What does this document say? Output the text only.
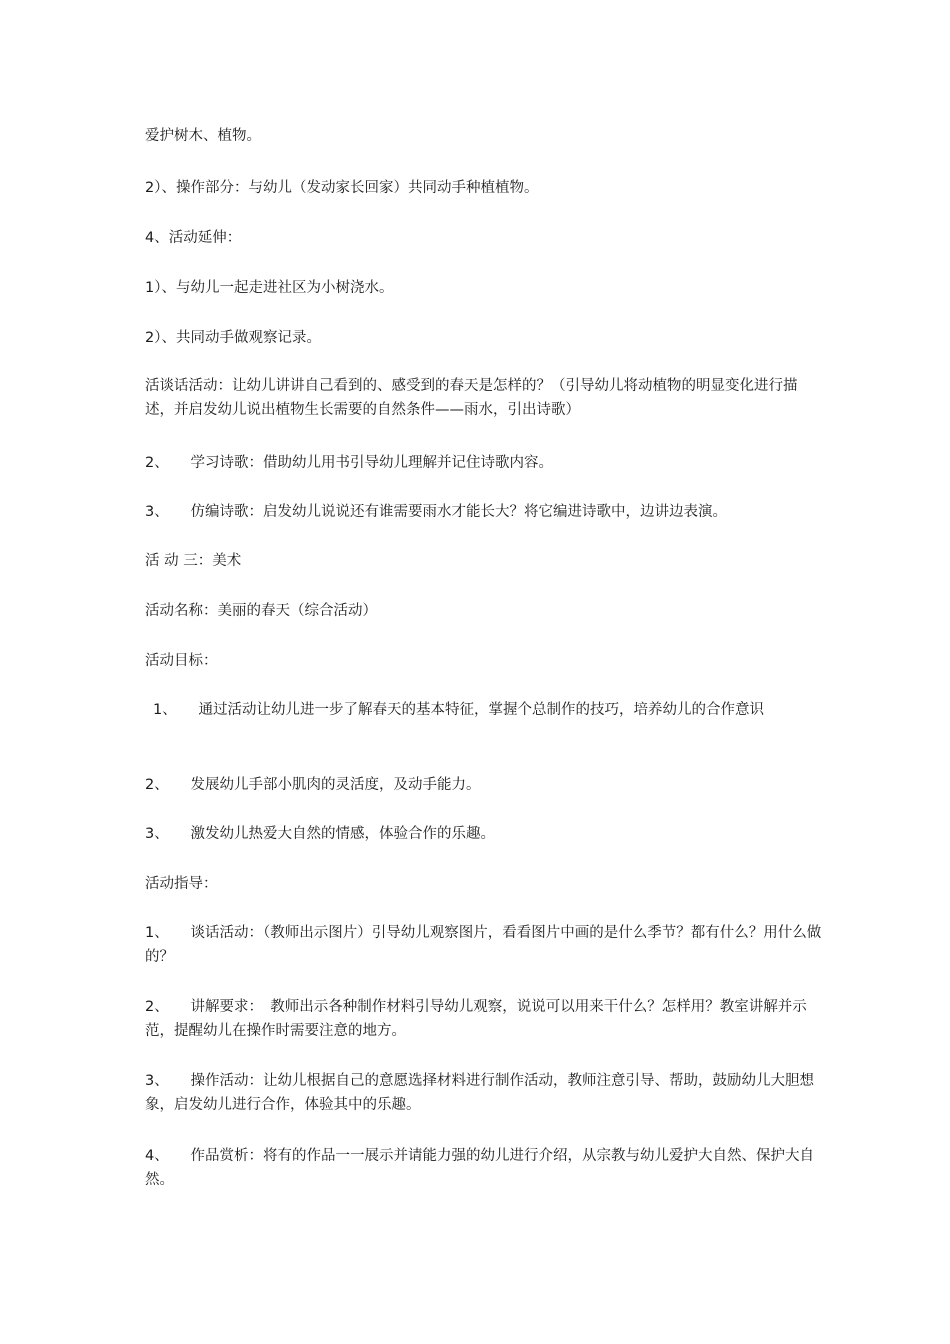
爱护树木、植物。

2）、操作部分：与幼儿（发动家长回家）共同动手种植植物。

4、活动延伸：

1）、与幼儿一起走进社区为小树浇水。

2）、共同动手做观察记录。

活谈话活动：让幼儿讲讲自己看到的、感受到的春天是怎样的？（引导幼儿将动植物的明显变化进行描述，并启发幼儿说出植物生长需要的自然条件——雨水，引出诗歌）

2、　　学习诗歌：借助幼儿用书引导幼儿理解并记住诗歌内容。

3、　　仿编诗歌：启发幼儿说说还有谁需要雨水才能长大？将它编进诗歌中，边讲边表演。

活 动 三：美术

活动名称：美丽的春天（综合活动）

活动目标：

1、　　通过活动让幼儿进一步了解春天的基本特征，掌握个总制作的技巧，培养幼儿的合作意识

2、　　发展幼儿手部小肌肉的灵活度，及动手能力。

3、　　激发幼儿热爱大自然的情感，体验合作的乐趣。

活动指导：

1、　　谈话活动：（教师出示图片）引导幼儿观察图片，看看图片中画的是什么季节？都有什么？用什么做的？

2、　　讲解要求：　教师出示各种制作材料引导幼儿观察，说说可以用来干什么？怎样用？教室讲解并示范，提醒幼儿在操作时需要注意的地方。

3、　　操作活动：让幼儿根据自己的意愿选择材料进行制作活动，教师注意引导、帮助，鼓励幼儿大胆想象，启发幼儿进行合作，体验其中的乐趣。

4、　　作品赏析：将有的作品一一展示并请能力强的幼儿进行介绍，从宗教与幼儿爱护大自然、保护大自然。
